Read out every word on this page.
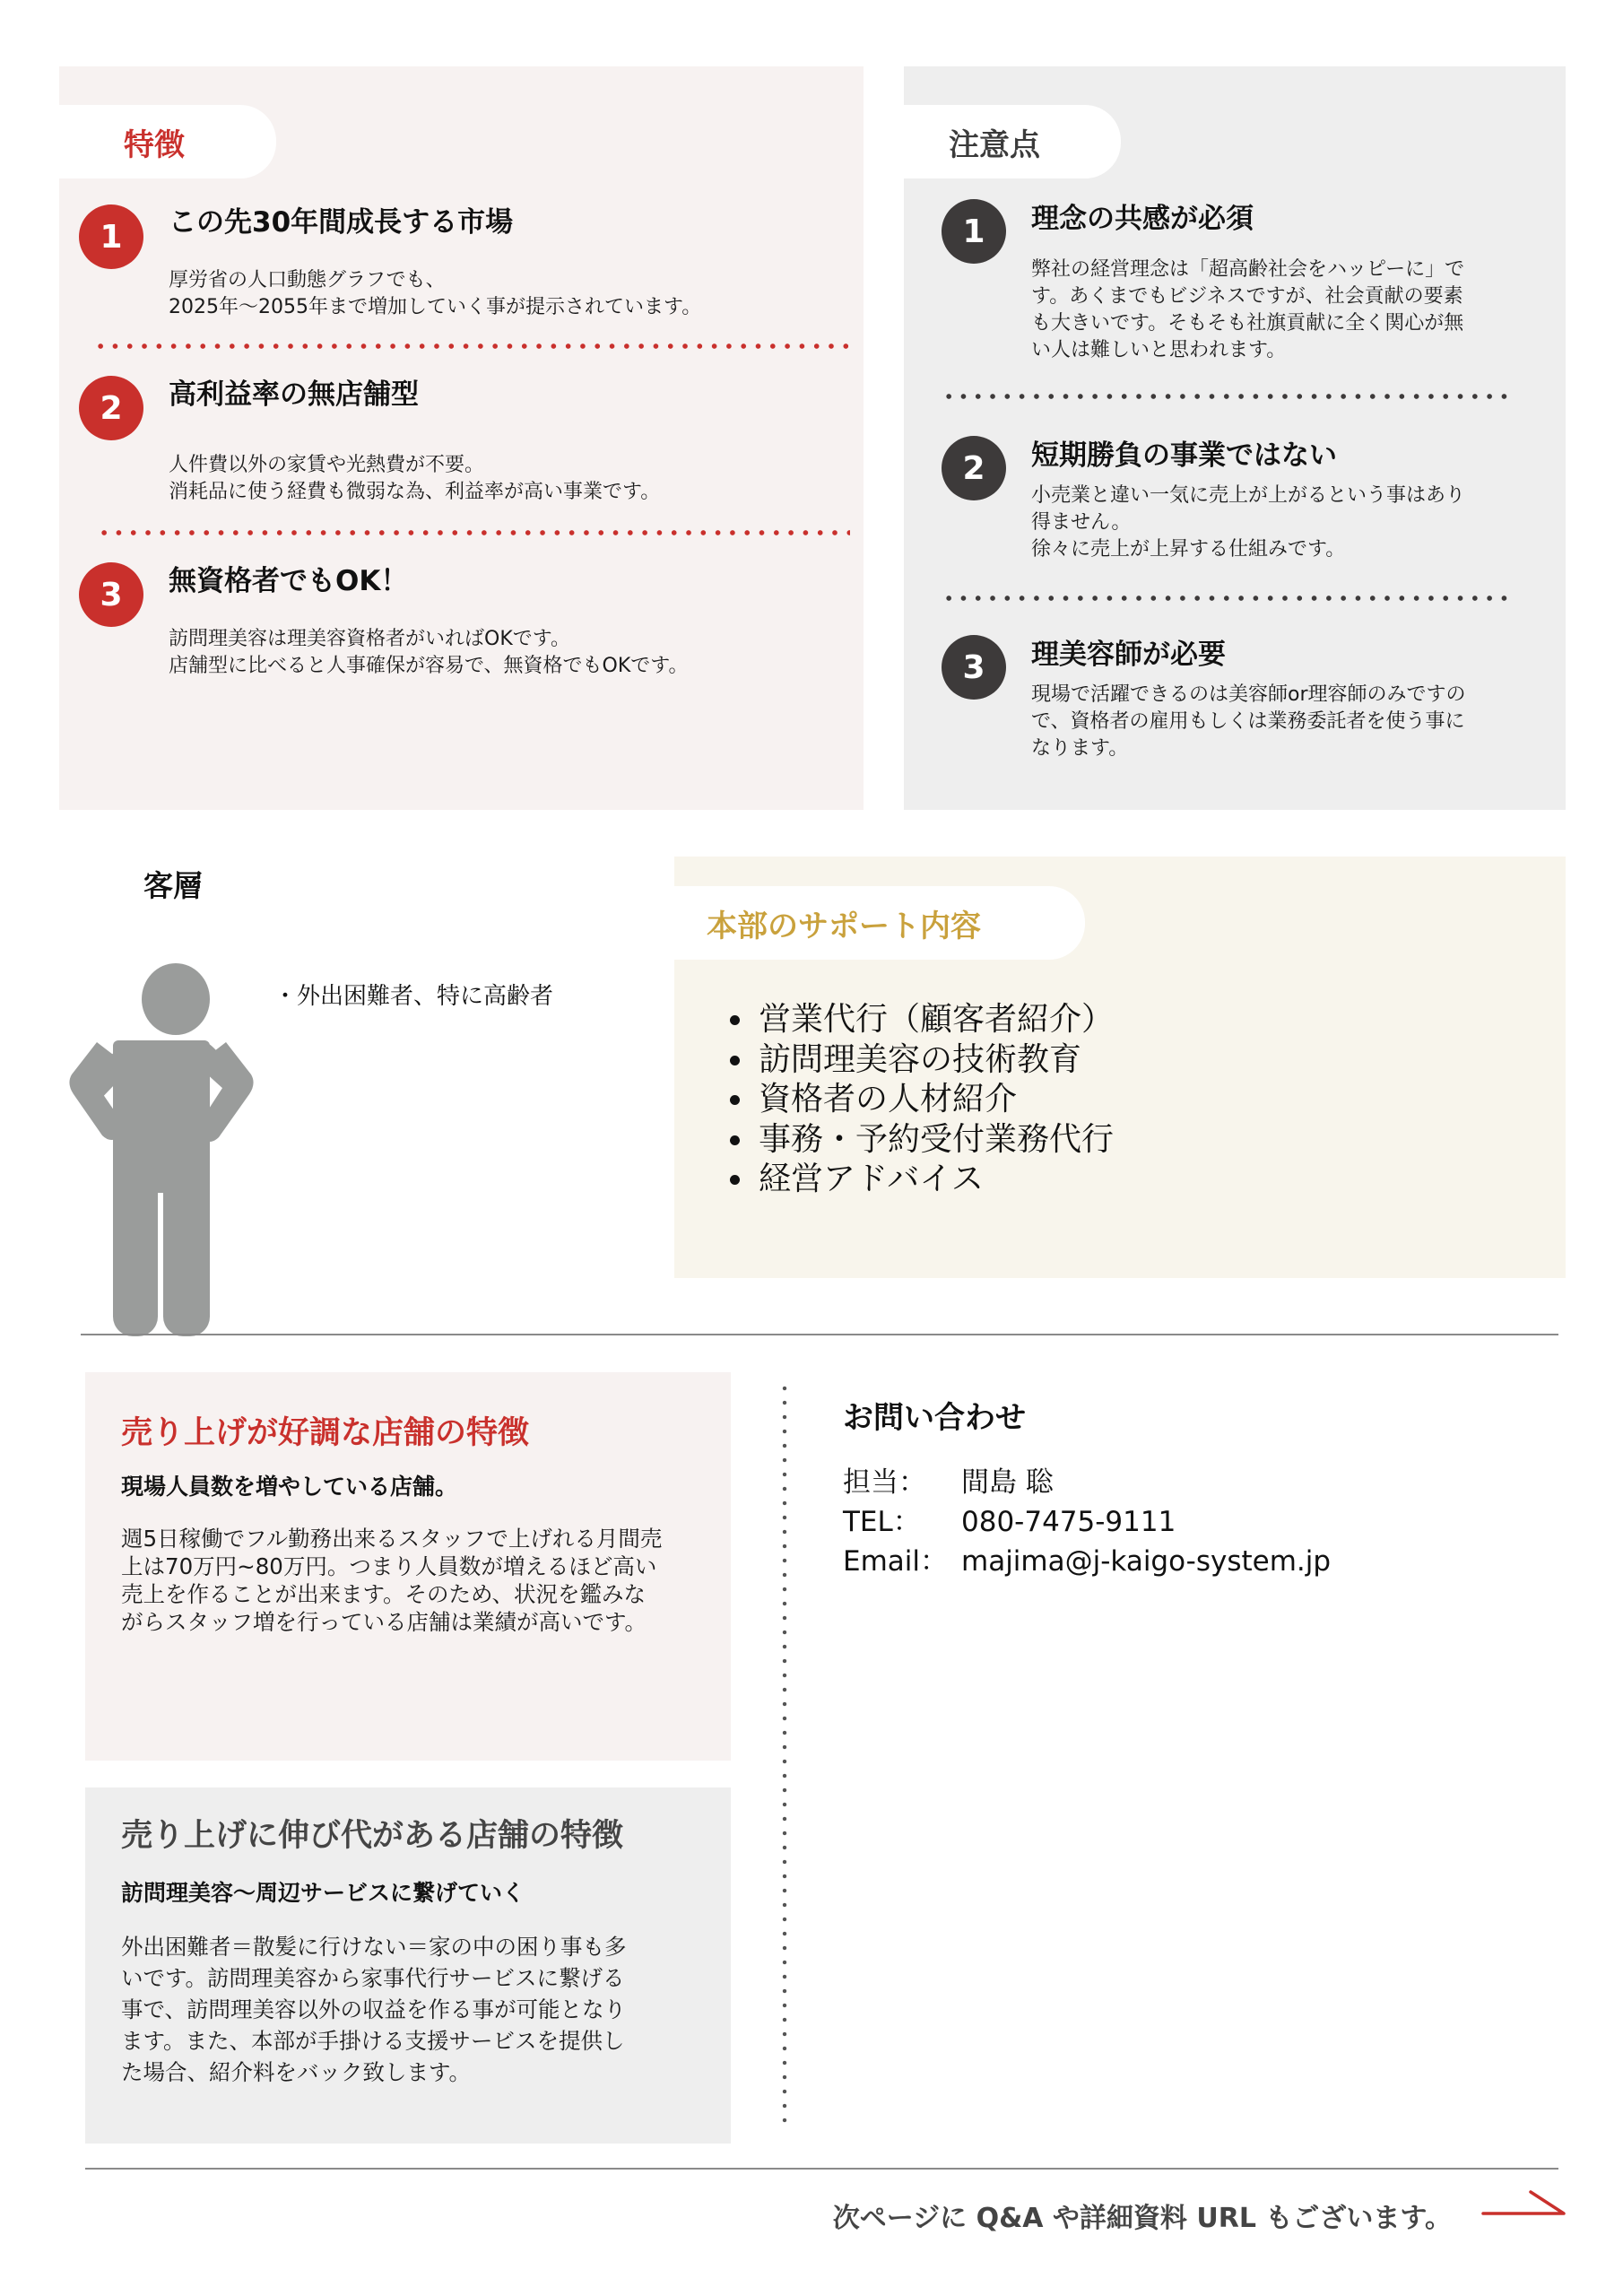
特徴
1	この先30年間成長する市場
厚労省の人口動態グラフでも、
2025年～2055年まで増加していく事が提示されています。
2	高利益率の無店舗型
人件費以外の家賃や光熱費が不要。
消耗品に使う経費も微弱な為、利益率が高い事業です。
3	無資格者でもOK！
訪問理美容は理美容資格者がいればOKです。
店舗型に比べると人事確保が容易で、無資格でもOKです。
注意点
1	理念の共感が必須
弊社の経営理念は「超高齢社会をハッピーに」で
す。あくまでもビジネスですが、社会貢献の要素
も大きいです。そもそも社旗貢献に全く関心が無
い人は難しいと思われます。
2	短期勝負の事業ではない
小売業と違い一気に売上が上がるという事はあり
得ません。
徐々に売上が上昇する仕組みです。
3	理美容師が必要
現場で活躍できるのは美容師or理容師のみですの
で、資格者の雇用もしくは業務委託者を使う事に
なります。
客層
・外出困難者、特に高齢者
本部のサポート内容
• 営業代行（顧客者紹介）
• 訪問理美容の技術教育
• 資格者の人材紹介
• 事務・予約受付業務代行
• 経営アドバイス
売り上げが好調な店舗の特徴
現場人員数を増やしている店舗。
週5日稼働でフル勤務出来るスタッフで上げれる月間売
上は70万円~80万円。つまり人員数が増えるほど高い
売上を作ることが出来ます。そのため、状況を鑑みな
がらスタッフ増を行っている店舗は業績が高いです。
売り上げに伸び代がある店舗の特徴
訪問理美容～周辺サービスに繋げていく
外出困難者＝散髪に行けない＝家の中の困り事も多
いです。訪問理美容から家事代行サービスに繋げる
事で、訪問理美容以外の収益を作る事が可能となり
ます。また、本部が手掛ける支援サービスを提供し
た場合、紹介料をバック致します。
お問い合わせ
担当： 間島 聡
TEL： 080-7475-9111
Email： majima@j-kaigo-system.jp
次ページに Q&A や詳細資料 URL もございます。
